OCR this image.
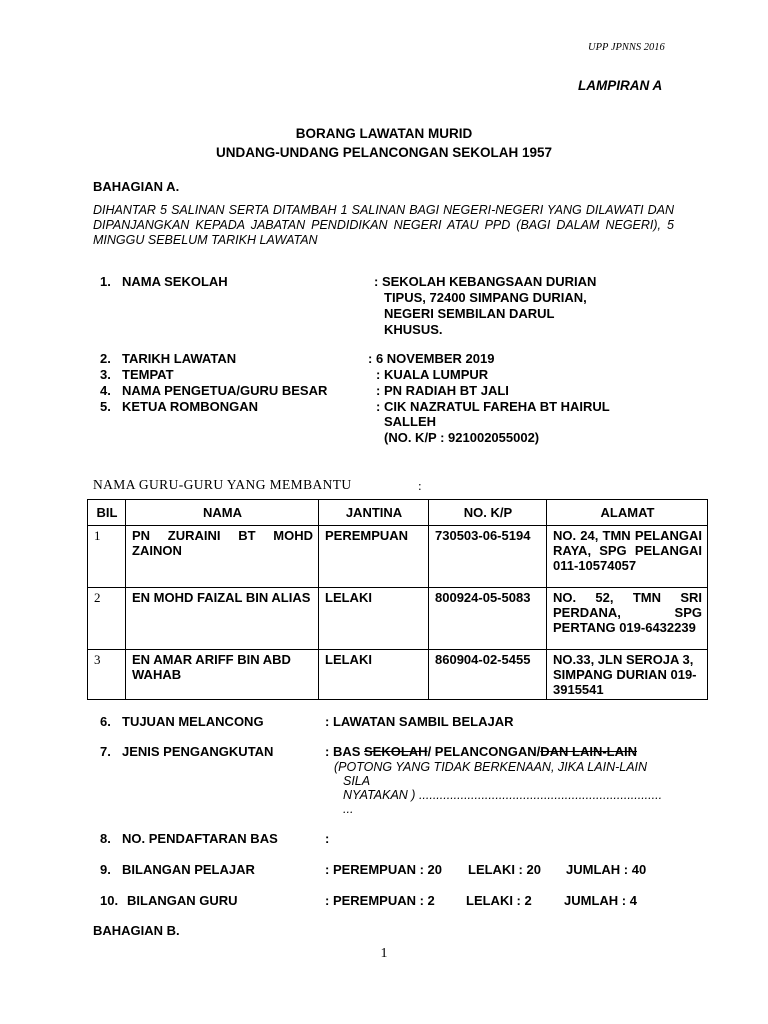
UPP JPNNS 2016
LAMPIRAN A
BORANG LAWATAN MURID
UNDANG-UNDANG PELANCONGAN SEKOLAH 1957
BAHAGIAN A.
DIHANTAR 5 SALINAN SERTA DITAMBAH 1 SALINAN BAGI NEGERI-NEGERI YANG DILAWATI DAN DIPANJANGKAN KEPADA JABATAN PENDIDIKAN NEGERI ATAU PPD (BAGI DALAM NEGERI), 5 MINGGU SEBELUM TARIKH LAWATAN
1. NAMA SEKOLAH	: SEKOLAH KEBANGSAAN DURIAN
TIPUS, 72400 SIMPANG DURIAN,
NEGERI SEMBILAN DARUL
KHUSUS.
2. TARIKH LAWATAN	: 6 NOVEMBER 2019
3. TEMPAT	: KUALA LUMPUR
4. NAMA PENGETUA/GURU BESAR	: PN RADIAH BT JALI
5. KETUA ROMBONGAN	: CIK NAZRATUL FAREHA BT HAIRUL
SALLEH
(NO. K/P : 921002055002)
NAMA GURU-GURU YANG MEMBANTU	:
BIL	NAMA	JANTINA	NO. K/P	ALAMAT
1	PN ZURAINI BT MOHD ZAINON	PEREMPUAN	730503-06-5194	NO. 24, TMN PELANGAI RAYA, SPG PELANGAI 011-10574057
2	EN MOHD FAIZAL BIN ALIAS	LELAKI	800924-05-5083	NO. 52, TMN SRI PERDANA, SPG PERTANG 019-6432239
3	EN AMAR ARIFF BIN ABD WAHAB	LELAKI	860904-02-5455	NO.33, JLN SEROJA 3, SIMPANG DURIAN 019-3915541
6. TUJUAN MELANCONG	: LAWATAN SAMBIL BELAJAR
7. JENIS PENGANGKUTAN	: BAS SEKOLAH/ PELANCONGAN/DAN LAIN-LAIN
(POTONG YANG TIDAK BERKENAAN, JIKA LAIN-LAIN
SILA
NYATAKAN ) ......................................................................
...
8. NO. PENDAFTARAN BAS	:
9. BILANGAN PELAJAR	: PEREMPUAN : 20 LELAKI : 20 JUMLAH : 40
10. BILANGAN GURU	: PEREMPUAN : 2 LELAKI : 2 JUMLAH : 4
BAHAGIAN B.
1
